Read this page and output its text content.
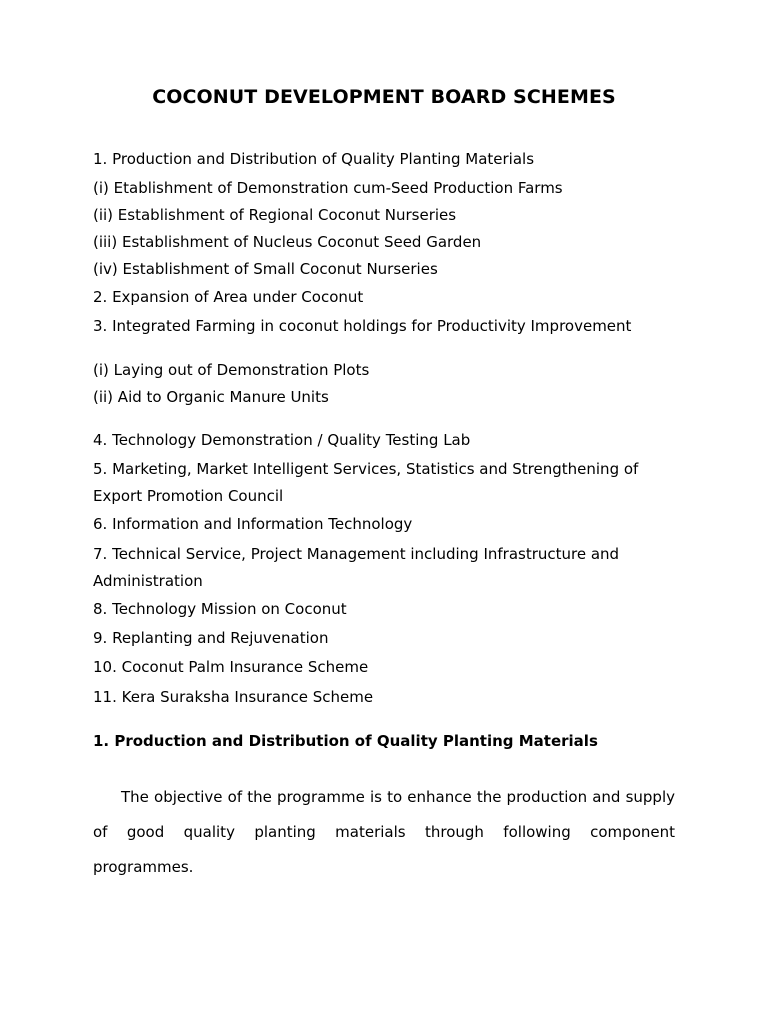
COCONUT DEVELOPMENT BOARD SCHEMES

1. Production and Distribution of Quality Planting Materials

(i) Etablishment of Demonstration cum-Seed Production Farms

(ii) Establishment of Regional Coconut Nurseries

(iii) Establishment of Nucleus Coconut Seed Garden

(iv) Establishment of Small Coconut Nurseries

2. Expansion of Area under Coconut

3. Integrated Farming in coconut holdings for Productivity Improvement

(i) Laying out of Demonstration Plots

(ii) Aid to Organic Manure Units

4. Technology Demonstration / Quality Testing Lab

5. Marketing, Market Intelligent Services, Statistics and Strengthening of Export Promotion Council

6. Information and Information Technology

7. Technical Service, Project Management including Infrastructure and Administration

8. Technology Mission on Coconut

9. Replanting and Rejuvenation

10. Coconut Palm Insurance Scheme

11. Kera Suraksha Insurance Scheme

1. Production and Distribution of Quality Planting Materials

The objective of the programme is to enhance the production and supply of good quality planting materials through following component programmes.
